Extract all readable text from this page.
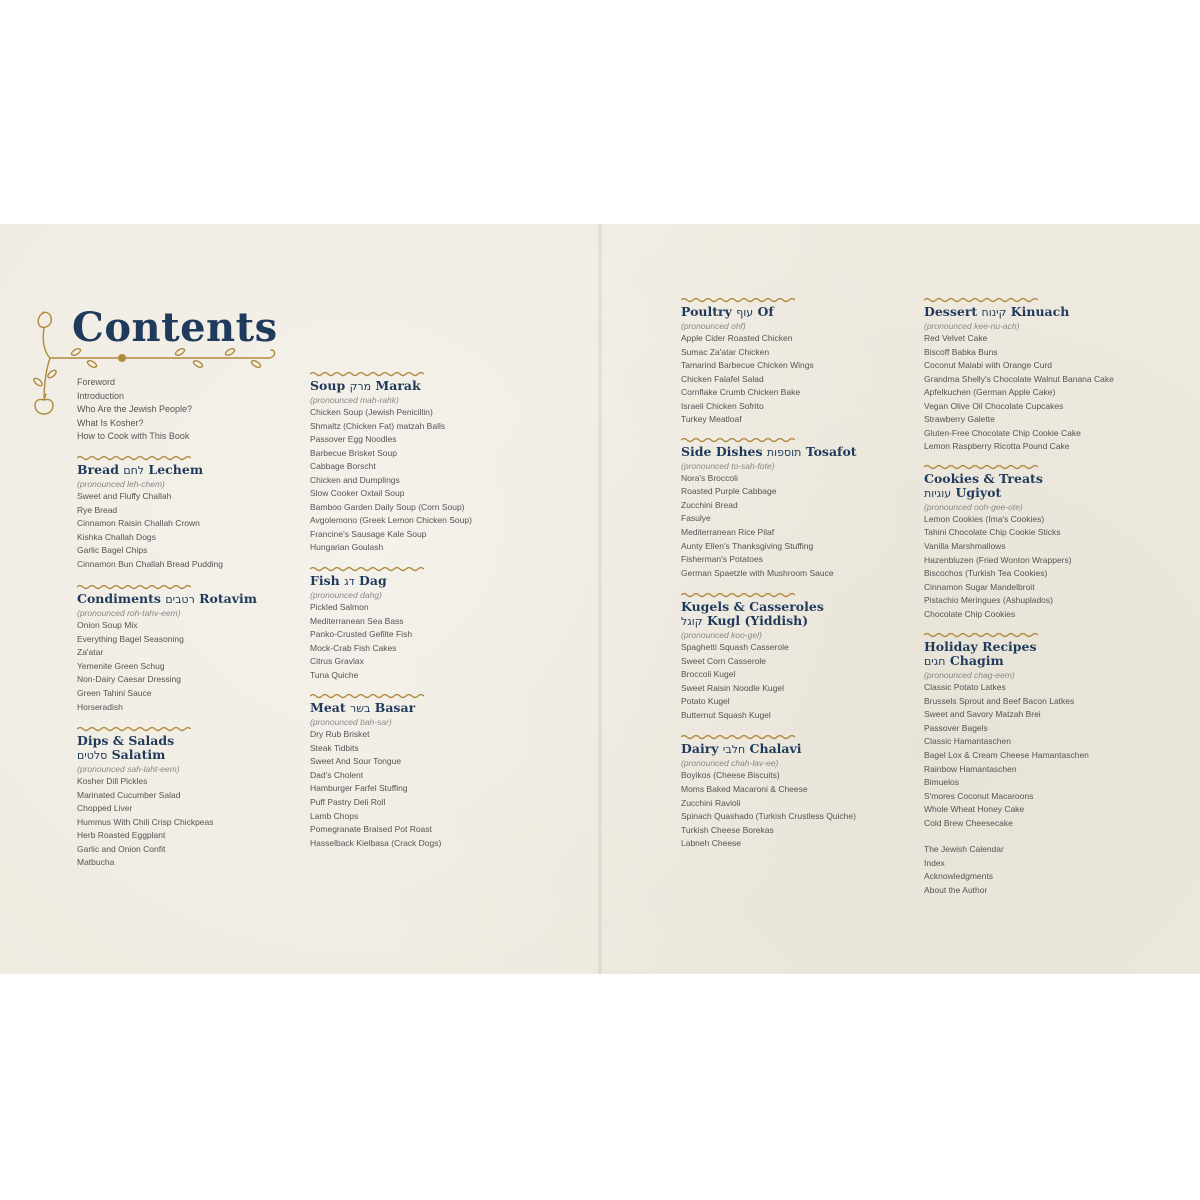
Contents
Foreword
Introduction
Who Are the Jewish People?
What Is Kosher?
How to Cook with This Book
Bread לחם Lechem
(pronounced leh-chem)
Sweet and Fluffy Challah
Rye Bread
Cinnamon Raisin Challah Crown
Kishka Challah Dogs
Garlic Bagel Chips
Cinnamon Bun Challah Bread Pudding
Condiments רטבים Rotavim
(pronounced roh-tahv-eem)
Onion Soup Mix
Everything Bagel Seasoning
Za'atar
Yemenite Green Schug
Non-Dairy Caesar Dressing
Green Tahini Sauce
Horseradish
Dips & Salads
סלטים Salatim
(pronounced sah-laht-eem)
Kosher Dill Pickles
Marinated Cucumber Salad
Chopped Liver
Hummus With Chili Crisp Chickpeas
Herb Roasted Eggplant
Garlic and Onion Confit
Matbucha
Soup מרק Marak
(pronounced mah-rahk)
Chicken Soup (Jewish Penicillin)
Shmaltz (Chicken Fat) matzah Balls
Passover Egg Noodles
Barbecue Brisket Soup
Cabbage Borscht
Chicken and Dumplings
Slow Cooker Oxtail Soup
Bamboo Garden Daily Soup (Corn Soup)
Avgolemono (Greek Lemon Chicken Soup)
Francine's Sausage Kale Soup
Hungarian Goulash
Fish דג Dag
(pronounced dahg)
Pickled Salmon
Mediterranean Sea Bass
Panko-Crusted Gefilte Fish
Mock-Crab Fish Cakes
Citrus Gravlax
Tuna Quiche
Meat בשר Basar
(pronounced bah-sar)
Dry Rub Brisket
Steak Tidbits
Sweet And Sour Tongue
Dad's Cholent
Hamburger Farfel Stuffing
Puff Pastry Deli Roll
Lamb Chops
Pomegranate Braised Pot Roast
Hasselback Kielbasa (Crack Dogs)
Poultry עוף Of
(pronounced ohf)
Apple Cider Roasted Chicken
Sumac Za'atar Chicken
Tamarind Barbecue Chicken Wings
Chicken Falafel Salad
Cornflake Crumb Chicken Bake
Israeli Chicken Sofrito
Turkey Meatloaf
Side Dishes תוספות Tosafot
(pronounced to-sah-fote)
Nora's Broccoli
Roasted Purple Cabbage
Zucchini Bread
Fasulye
Mediterranean Rice Pilaf
Aunty Ellen's Thanksgiving Stuffing
Fisherman's Potatoes
German Spaetzle with Mushroom Sauce
Kugels & Casseroles
קוגל Kugl (Yiddish)
(pronounced koo-gel)
Spaghetti Squash Casserole
Sweet Corn Casserole
Broccoli Kugel
Sweet Raisin Noodle Kugel
Potato Kugel
Butternut Squash Kugel
Dairy חלבי Chalavi
(pronounced chah-lav-ee)
Boyikos (Cheese Biscuits)
Moms Baked Macaroni & Cheese
Zucchini Ravioli
Spinach Quashado (Turkish Crustless Quiche)
Turkish Cheese Borekas
Labneh Cheese
Dessert קינוח Kinuach
(pronounced kee-nu-ach)
Red Velvet Cake
Biscoff Babka Buns
Coconut Malabi with Orange Curd
Grandma Shelly's Chocolate Walnut Banana Cake
Apfelkuchen (German Apple Cake)
Vegan Olive Oil Chocolate Cupcakes
Strawberry Galette
Gluten-Free Chocolate Chip Cookie Cake
Lemon Raspberry Ricotta Pound Cake
Cookies & Treats
עוגיות Ugiyot
(pronounced ooh-gee-ote)
Lemon Cookies (Ima's Cookies)
Tahini Chocolate Chip Cookie Sticks
Vanilla Marshmallows
Hazenbluzen (Fried Wonton Wrappers)
Biscochos (Turkish Tea Cookies)
Cinnamon Sugar Mandelbroit
Pistachio Meringues (Ashuplados)
Chocolate Chip Cookies
Holiday Recipes
חגים Chagim
(pronounced chag-eem)
Classic Potato Latkes
Brussels Sprout and Beef Bacon Latkes
Sweet and Savory Matzah Brei
Passover Bagels
Classic Hamantaschen
Bagel Lox & Cream Cheese Hamantaschen
Rainbow Hamantaschen
Bimuelos
S'mores Coconut Macaroons
Whole Wheat Honey Cake
Cold Brew Cheesecake
The Jewish Calendar
Index
Acknowledgments
About the Author
